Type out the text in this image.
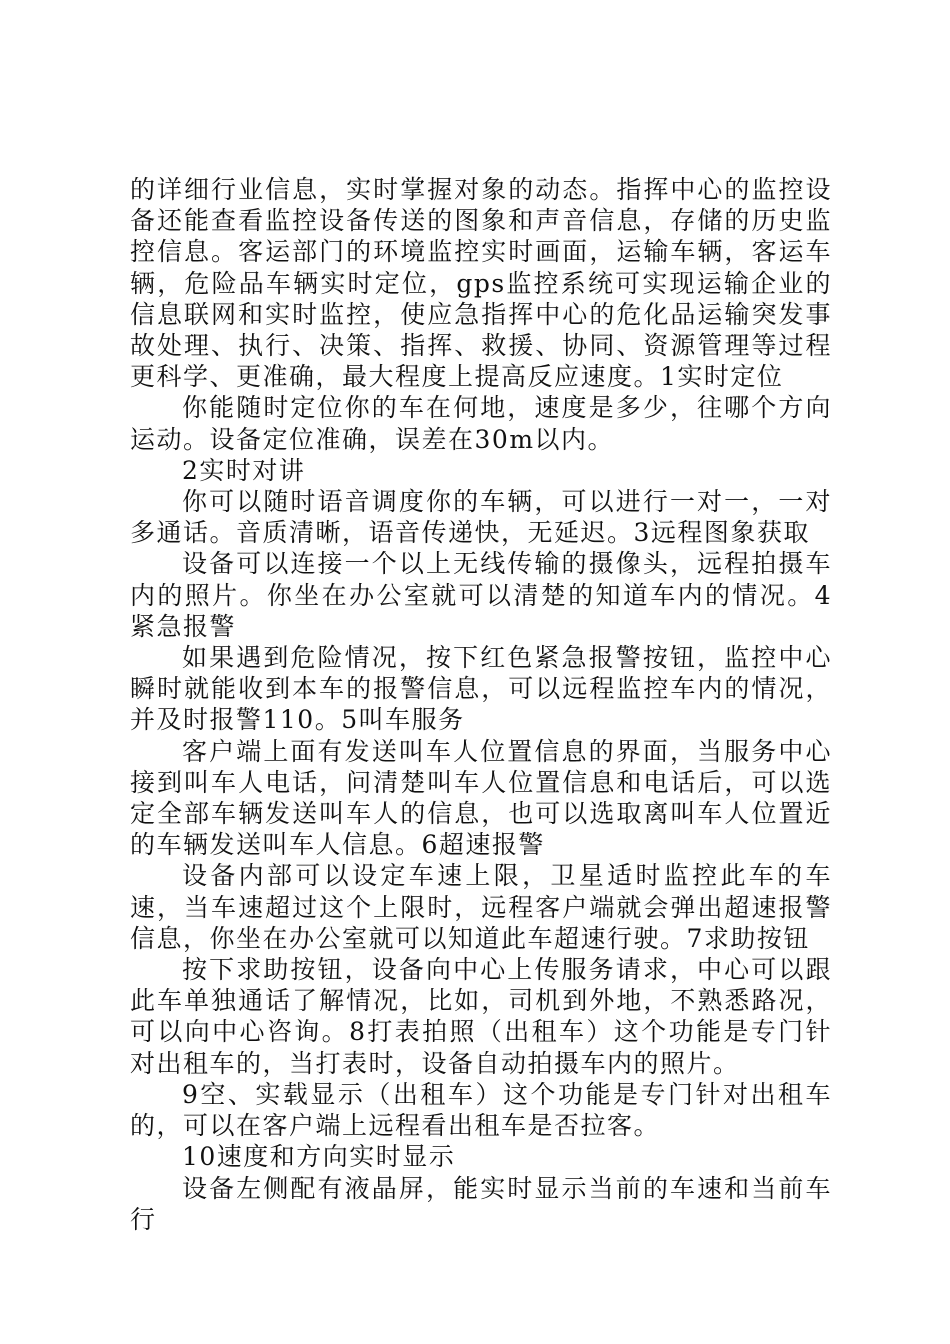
的详细行业信息，实时掌握对象的动态。指挥中心的监控设备还能查看监控设备传送的图象和声音信息，存储的历史监控信息。客运部门的环境监控实时画面，运输车辆，客运车辆，危险品车辆实时定位，gps监控系统可实现运输企业的信息联网和实时监控，使应急指挥中心的危化品运输突发事故处理、执行、决策、指挥、救援、协同、资源管理等过程更科学、更准确，最大程度上提高反应速度。1实时定位

你能随时定位你的车在何地，速度是多少，往哪个方向运动。设备定位准确，误差在30m以内。

2实时对讲

你可以随时语音调度你的车辆，可以进行一对一，一对多通话。音质清晰，语音传递快，无延迟。3远程图象获取

设备可以连接一个以上无线传输的摄像头，远程拍摄车内的照片。你坐在办公室就可以清楚的知道车内的情况。4紧急报警

如果遇到危险情况，按下红色紧急报警按钮，监控中心瞬时就能收到本车的报警信息，可以远程监控车内的情况，并及时报警110。5叫车服务

客户端上面有发送叫车人位置信息的界面，当服务中心接到叫车人电话，问清楚叫车人位置信息和电话后，可以选定全部车辆发送叫车人的信息，也可以选取离叫车人位置近的车辆发送叫车人信息。6超速报警

设备内部可以设定车速上限，卫星适时监控此车的车速，当车速超过这个上限时，远程客户端就会弹出超速报警信息，你坐在办公室就可以知道此车超速行驶。7求助按钮

按下求助按钮，设备向中心上传服务请求，中心可以跟此车单独通话了解情况，比如，司机到外地，不熟悉路况，可以向中心咨询。8打表拍照（出租车）这个功能是专门针对出租车的，当打表时，设备自动拍摄车内的照片。

9空、实载显示（出租车）这个功能是专门针对出租车的，可以在客户端上远程看出租车是否拉客。

10速度和方向实时显示

设备左侧配有液晶屏，能实时显示当前的车速和当前车行
